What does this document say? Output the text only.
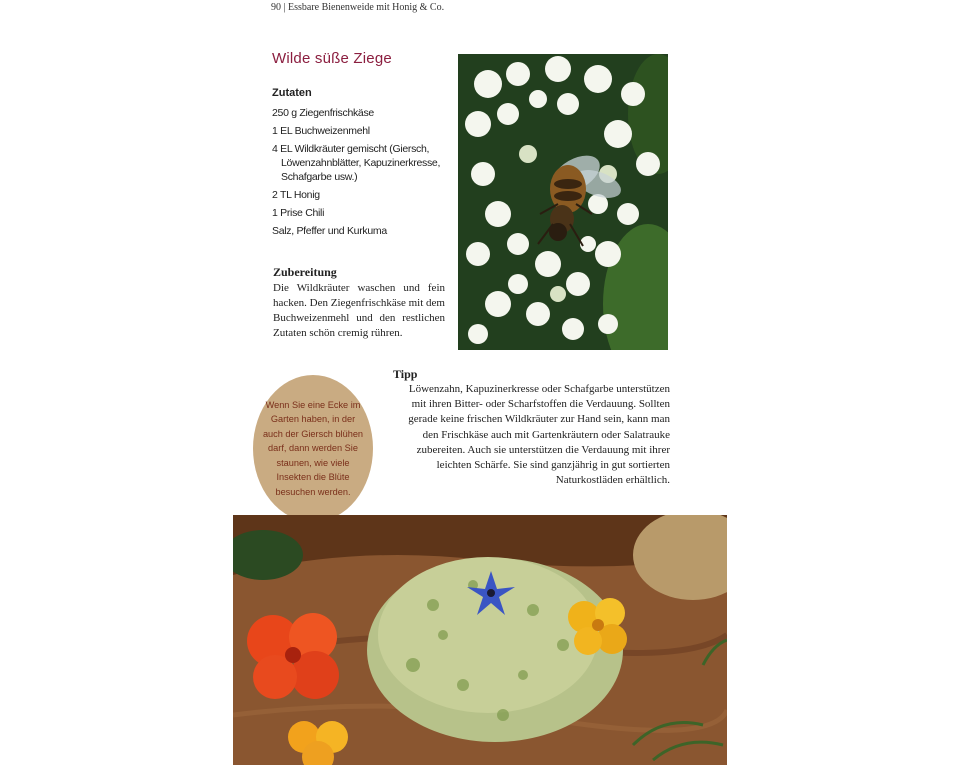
90 | Essbare Bienenweide mit Honig & Co.
Wilde süße Ziege
Zutaten
250 g Ziegenfrischkäse
1 EL Buchweizenmehl
4 EL Wildkräuter gemischt (Giersch, Löwenzahnblätter, Kapuzinerkresse, Schafgarbe usw.)
2 TL Honig
1 Prise Chili
Salz, Pfeffer und Kurkuma
Zubereitung

Die Wildkräuter waschen und fein hacken. Den Ziegenfrischkäse mit dem Buchweizenmehl und den restlichen Zutaten schön cremig rühren.

Tipp

Löwenzahn, Kapuzinerkresse oder Schafgarbe unterstützen mit ihren Bitter- oder Scharfstoffen die Verdauung. Sollten gerade keine frischen Wildkräuter zur Hand sein, kann man den Frischkäse auch mit Gartenkräutern oder Salatrauke zubereiten. Auch sie unterstützen die Verdauung mit ihrer leichten Schärfe. Sie sind ganzjährig in gut sortierten Naturkostläden erhältlich.

Wenn Sie eine Ecke im Garten haben, in der auch der Giersch blühen darf, dann werden Sie staunen, wie viele Insekten die Blüte besuchen werden.
